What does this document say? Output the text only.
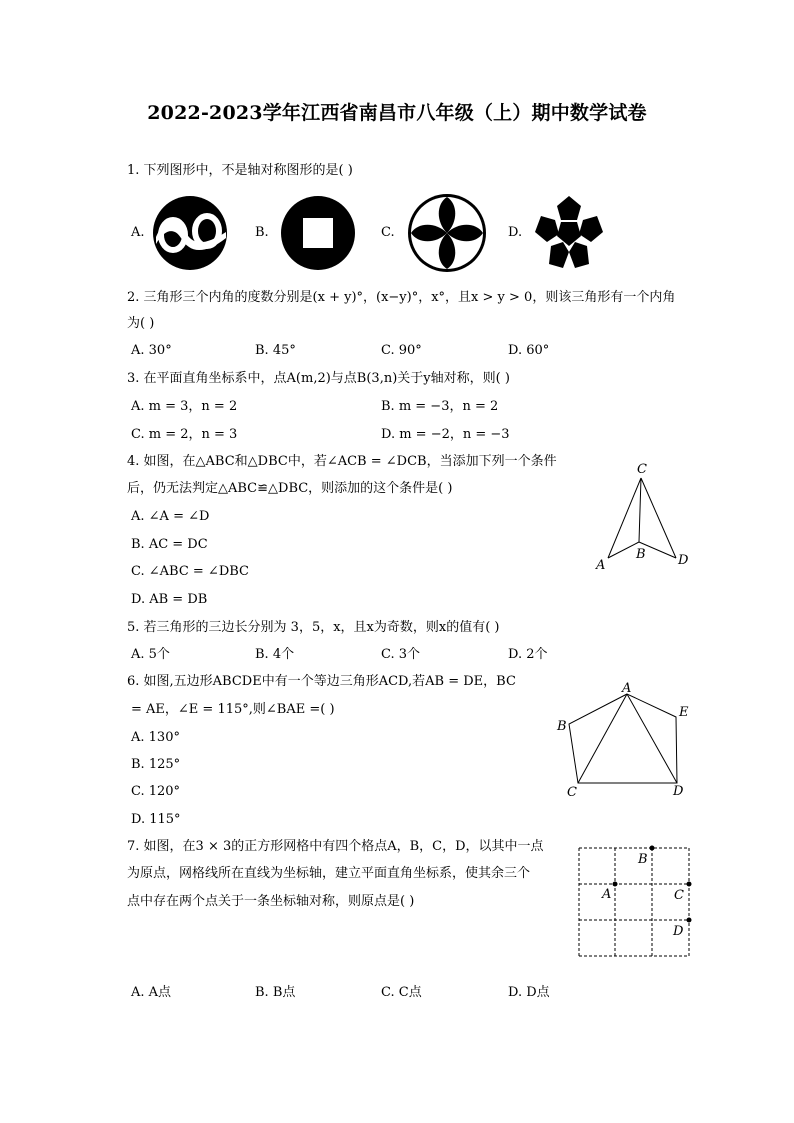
2022-2023学年江西省南昌市八年级（上）期中数学试卷
1. 下列图形中，不是轴对称图形的是( )
A.	B.	C.	D.
2. 三角形三个内角的度数分别是(x + y)°，(x−y)°，x°，且x > y > 0，则该三角形有一个内角
为( )
A. 30°	B. 45°	C. 90°	D. 60°
3. 在平面直角坐标系中，点A(m,2)与点B(3,n)关于y轴对称，则( )
A. m = 3，n = 2	B. m = −3，n = 2
C. m = 2，n = 3	D. m = −2，n = −3
4. 如图，在△ABC和△DBC中，若∠ACB = ∠DCB，当添加下列一个条件
后，仍无法判定△ABC≌△DBC，则添加的这个条件是( )
A. ∠A = ∠D
B. AC = DC
C. ∠ABC = ∠DBC
D. AB = DB
C
A
B D
5. 若三角形的三边长分别为 3，5，x，且x为奇数，则x的值有( )
A. 5个	B. 4个	C. 3个	D. 2个
6. 如图,五边形ABCDE中有一个等边三角形ACD,若AB = DE，BC
= AE，∠E = 115°,则∠BAE =( )
A. 130°
B. 125°
C. 120°
D. 115°
A
B
C	D
E
7. 如图，在3 × 3的正方形网格中有四个格点A，B，C，D，以其中一点
为原点，网格线所在直线为坐标轴，建立平面直角坐标系，使其余三个
点中存在两个点关于一条坐标轴对称，则原点是( )
B
A	C
D
A. A点	B. B点	C. C点	D. D点
